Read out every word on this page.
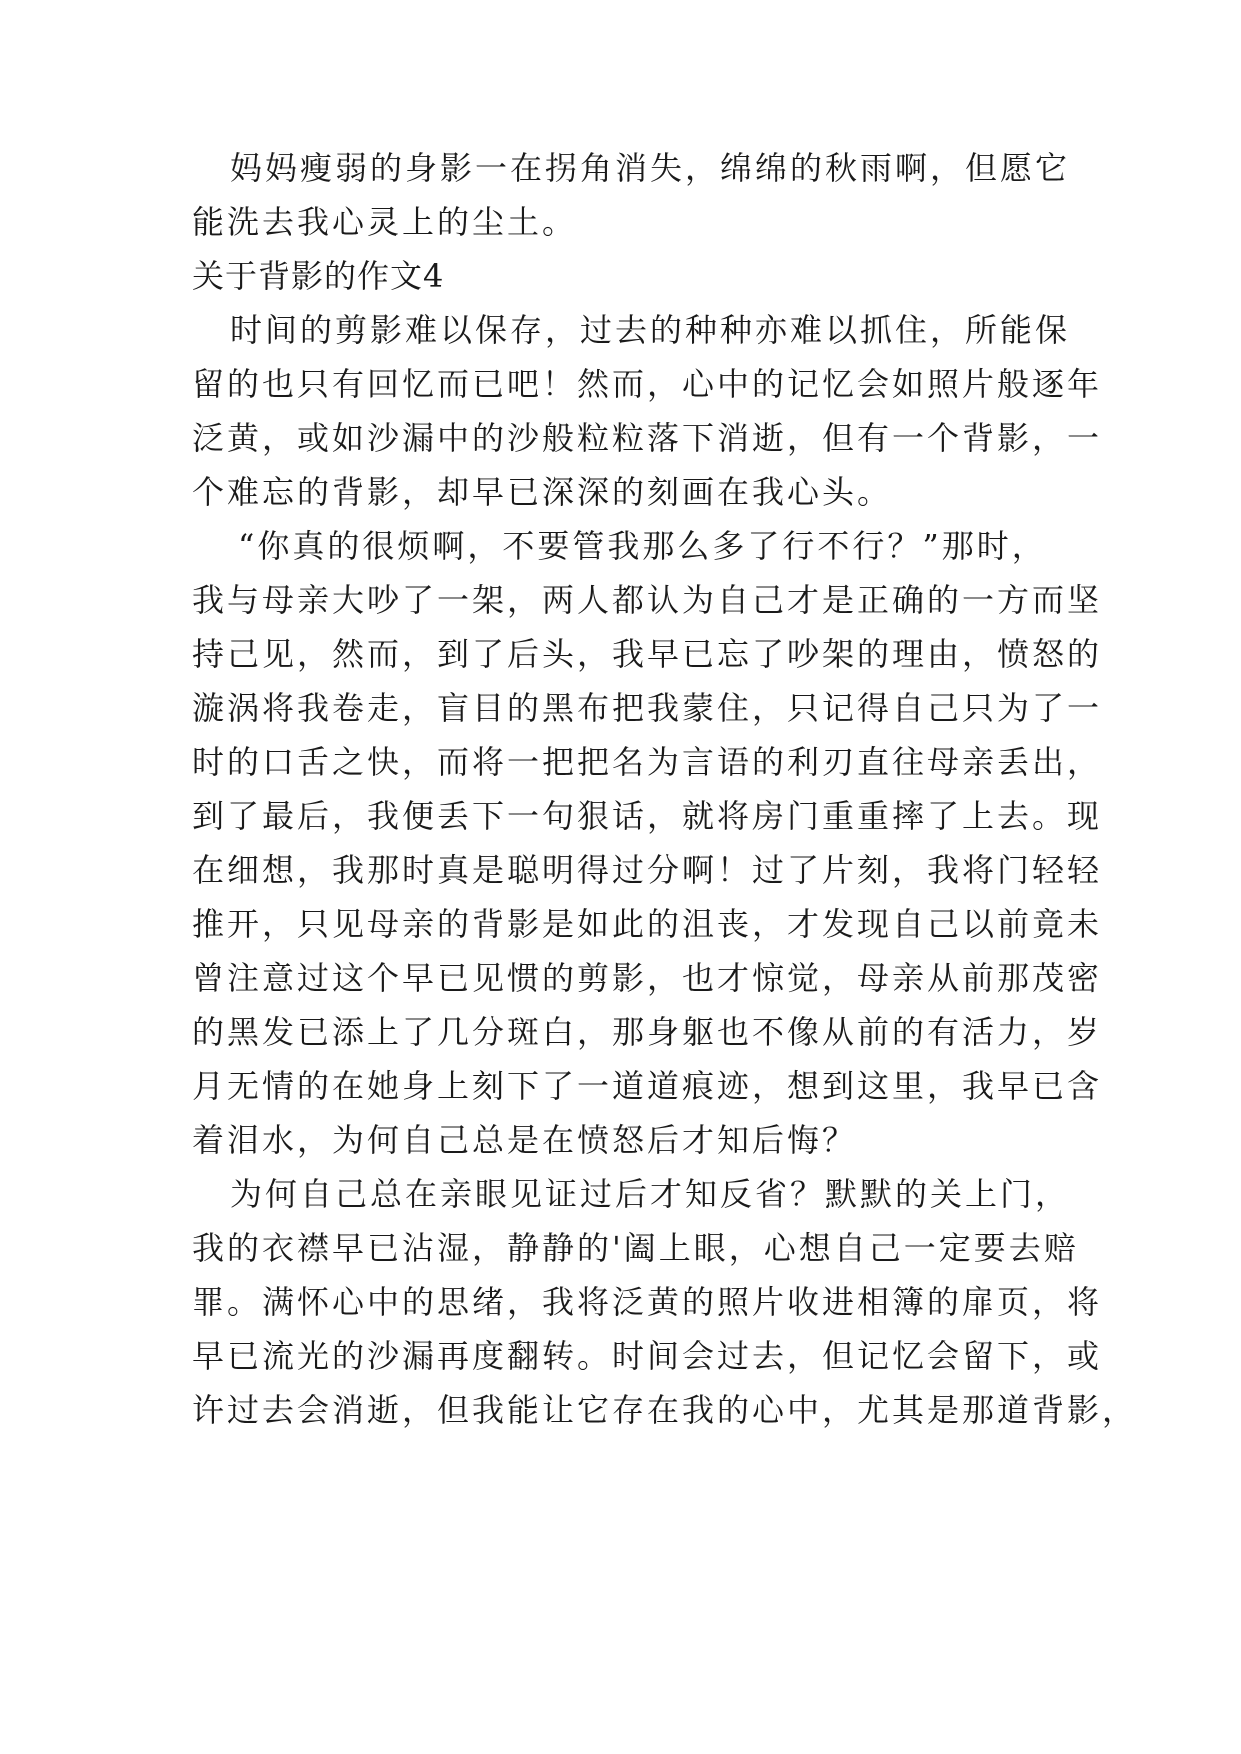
妈妈瘦弱的身影一在拐角消失，绵绵的秋雨啊，但愿它
能洗去我心灵上的尘土。
关于背影的作文4
时间的剪影难以保存，过去的种种亦难以抓住，所能保
留的也只有回忆而已吧！然而，心中的记忆会如照片般逐年
泛黄，或如沙漏中的沙般粒粒落下消逝，但有一个背影，一
个难忘的背影，却早已深深的刻画在我心头。
“你真的很烦啊，不要管我那么多了行不行？”那时，
我与母亲大吵了一架，两人都认为自己才是正确的一方而坚
持己见，然而，到了后头，我早已忘了吵架的理由，愤怒的
漩涡将我卷走，盲目的黑布把我蒙住，只记得自己只为了一
时的口舌之快，而将一把把名为言语的利刃直往母亲丢出，
到了最后，我便丢下一句狠话，就将房门重重摔了上去。现
在细想，我那时真是聪明得过分啊！过了片刻，我将门轻轻
推开，只见母亲的背影是如此的沮丧，才发现自己以前竟未
曾注意过这个早已见惯的剪影，也才惊觉，母亲从前那茂密
的黑发已添上了几分斑白，那身躯也不像从前的有活力，岁
月无情的在她身上刻下了一道道痕迹，想到这里，我早已含
着泪水，为何自己总是在愤怒后才知后悔？
为何自己总在亲眼见证过后才知反省？默默的关上门，
我的衣襟早已沾湿，静静的'阖上眼，心想自己一定要去赔
罪。满怀心中的思绪，我将泛黄的照片收进相簿的扉页，将
早已流光的沙漏再度翻转。时间会过去，但记忆会留下，或
许过去会消逝，但我能让它存在我的心中，尤其是那道背影，
